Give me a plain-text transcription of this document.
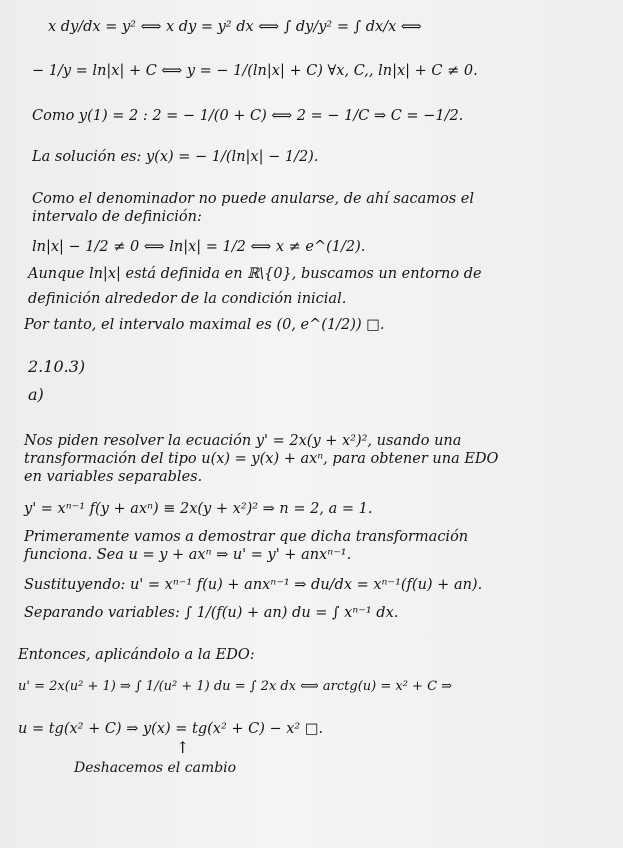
x dy/dx = y² ⟺ x dy = y² dx ⟺ ∫ dy/y² = ∫ dx/x ⟺
− 1/y = ln|x| + C ⟺ y = − 1/(ln|x| + C) ∀x, C,, ln|x| + C ≠ 0.
Como y(1) = 2 : 2 = − 1/(0 + C) ⟺ 2 = − 1/C ⇒ C = −1/2.
La solución es: y(x) = − 1/(ln|x| − 1/2).
Como el denominador no puede anularse, de ahí sacamos el
intervalo de definición:
ln|x| − 1/2 ≠ 0 ⟺ ln|x| = 1/2 ⟺ x ≠ e^(1/2).
Aunque ln|x| está definida en ℝ\{0}, buscamos un entorno de
definición alrededor de la condición inicial.
Por tanto, el intervalo maximal es (0, e^(1/2)) □.
2.10.3)
a)
Nos piden resolver la ecuación y' = 2x(y + x²)², usando una
transformación del tipo u(x) = y(x) + axⁿ, para obtener una EDO
en variables separables.
y' = xⁿ⁻¹ f(y + axⁿ) ≡ 2x(y + x²)² ⇒ n = 2, a = 1.
Primeramente vamos a demostrar que dicha transformación
funciona. Sea u = y + axⁿ ⇒ u' = y' + anxⁿ⁻¹.
Sustituyendo: u' = xⁿ⁻¹ f(u) + anxⁿ⁻¹ ⇒ du/dx = xⁿ⁻¹(f(u) + an).
Separando variables: ∫ 1/(f(u) + an) du = ∫ xⁿ⁻¹ dx.
Entonces, aplicándolo a la EDO:
u' = 2x(u² + 1) ⇒ ∫ 1/(u² + 1) du = ∫ 2x dx ⟺ arctg(u) = x² + C ⇒
u = tg(x² + C) ⇒ y(x) = tg(x² + C) − x² □.
↑
Deshacemos el cambio
